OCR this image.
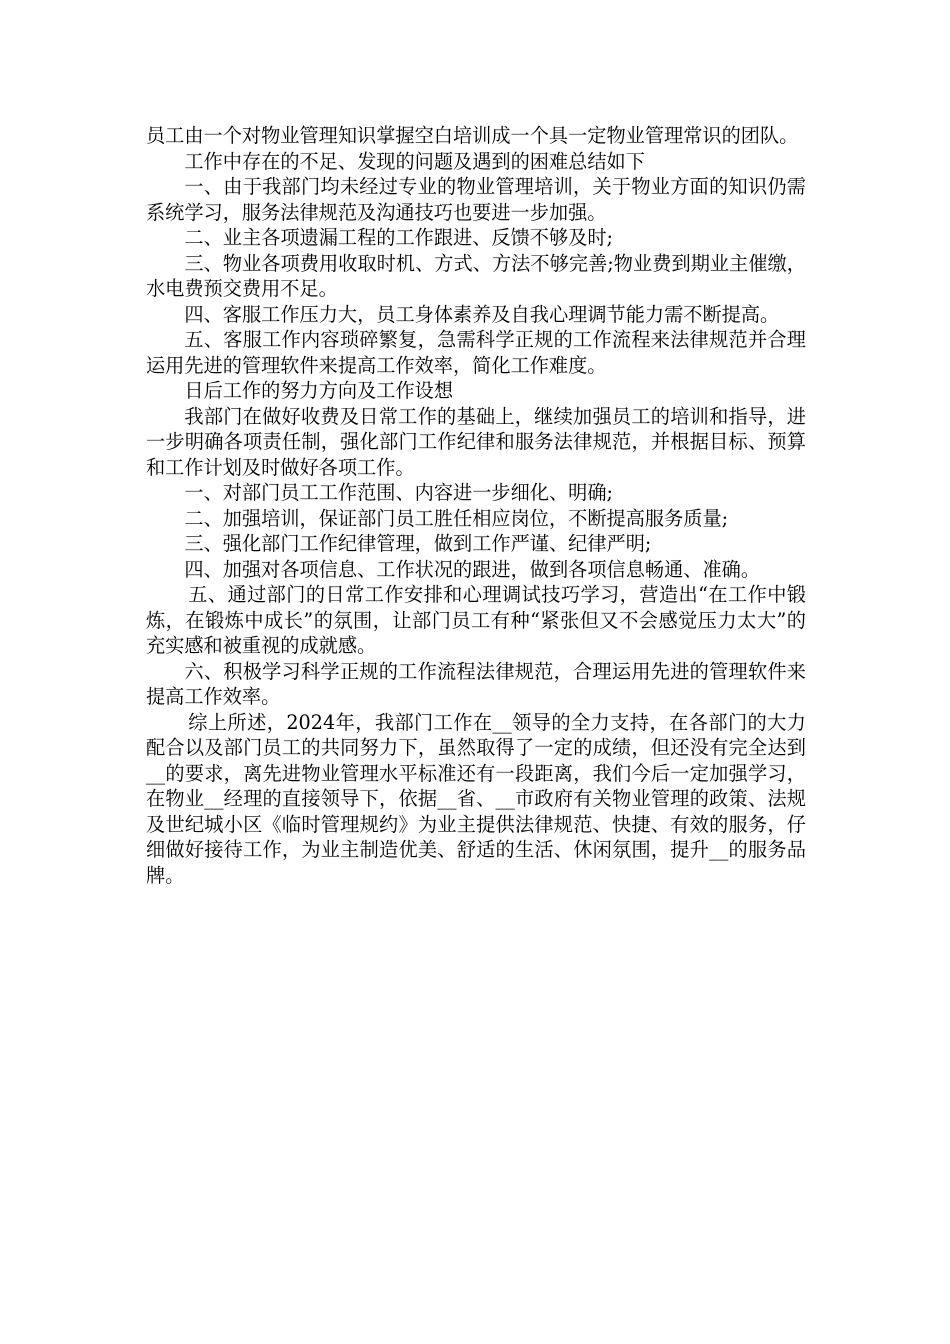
员工由一个对物业管理知识掌握空白培训成一个具一定物业管理常识的团队。

工作中存在的不足、发现的问题及遇到的困难总结如下

一、由于我部门均未经过专业的物业管理培训，关于物业方面的知识仍需系统学习，服务法律规范及沟通技巧也要进一步加强。

二、业主各项遗漏工程的工作跟进、反馈不够及时;

三、物业各项费用收取时机、方式、方法不够完善;物业费到期业主催缴，水电费预交费用不足。

四、客服工作压力大，员工身体素养及自我心理调节能力需不断提高。

五、客服工作内容琐碎繁复，急需科学正规的工作流程来法律规范并合理运用先进的管理软件来提高工作效率，简化工作难度。

日后工作的努力方向及工作设想

我部门在做好收费及日常工作的基础上，继续加强员工的培训和指导，进一步明确各项责任制，强化部门工作纪律和服务法律规范，并根据目标、预算和工作计划及时做好各项工作。

一、对部门员工工作范围、内容进一步细化、明确;

二、加强培训，保证部门员工胜任相应岗位，不断提高服务质量;

三、强化部门工作纪律管理，做到工作严谨、纪律严明;

四、加强对各项信息、工作状况的跟进，做到各项信息畅通、准确。

五、通过部门的日常工作安排和心理调试技巧学习，营造出“在工作中锻炼，在锻炼中成长”的氛围，让部门员工有种“紧张但又不会感觉压力太大”的充实感和被重视的成就感。

六、积极学习科学正规的工作流程法律规范，合理运用先进的管理软件来提高工作效率。

综上所述，2024年，我部门工作在__领导的全力支持，在各部门的大力配合以及部门员工的共同努力下，虽然取得了一定的成绩，但还没有完全达到__的要求，离先进物业管理水平标准还有一段距离，我们今后一定加强学习，在物业__经理的直接领导下，依据__省、__市政府有关物业管理的政策、法规及世纪城小区《临时管理规约》为业主提供法律规范、快捷、有效的服务，仔细做好接待工作，为业主制造优美、舒适的生活、休闲氛围，提升__的服务品牌。
